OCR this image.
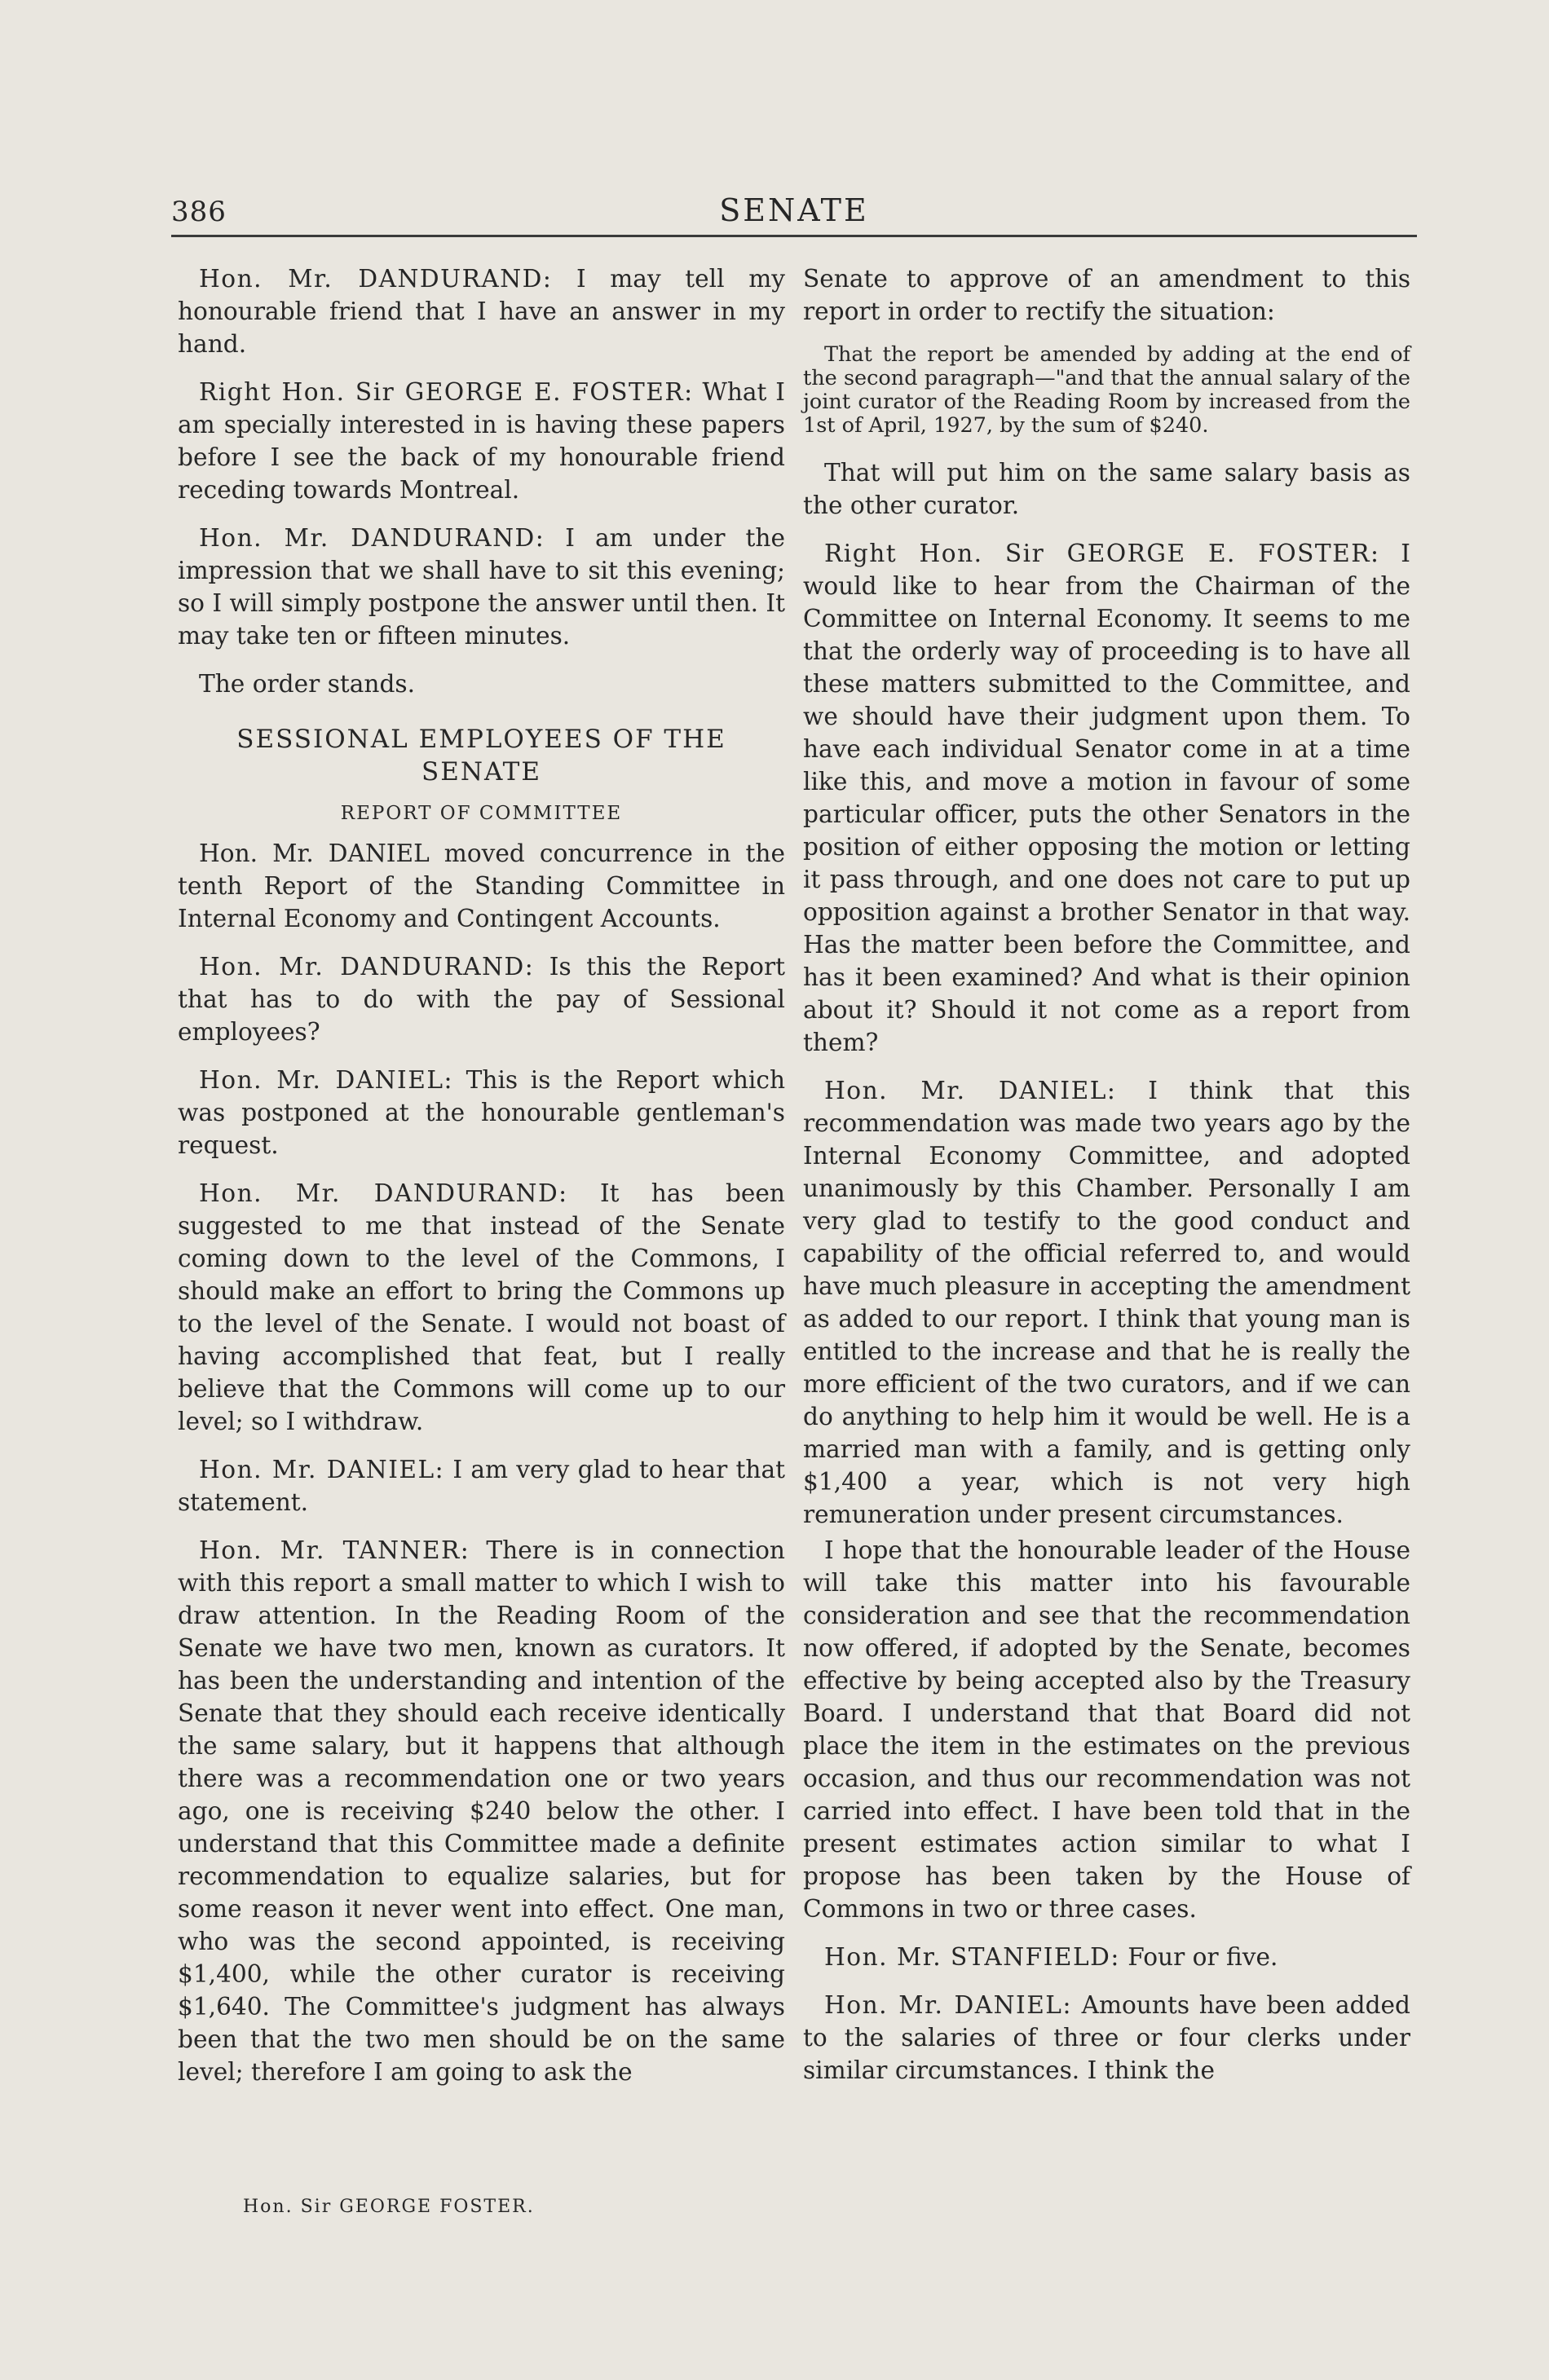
386	SENATE

Hon. Mr. DANDURAND: I may tell my honourable friend that I have an answer in my hand.

Right Hon. Sir GEORGE E. FOSTER: What I am specially interested in is having these papers before I see the back of my honourable friend receding towards Montreal.

Hon. Mr. DANDURAND: I am under the impression that we shall have to sit this evening; so I will simply postpone the answer until then. It may take ten or fifteen minutes.

The order stands.

SESSIONAL EMPLOYEES OF THE SENATE
REPORT OF COMMITTEE

Hon. Mr. DANIEL moved concurrence in the tenth Report of the Standing Committee in Internal Economy and Contingent Accounts.

Hon. Mr. DANDURAND: Is this the Report that has to do with the pay of Sessional employees?

Hon. Mr. DANIEL: This is the Report which was postponed at the honourable gentleman's request.

Hon. Mr. DANDURAND: It has been suggested to me that instead of the Senate coming down to the level of the Commons, I should make an effort to bring the Commons up to the level of the Senate. I would not boast of having accomplished that feat, but I really believe that the Commons will come up to our level; so I withdraw.

Hon. Mr. DANIEL: I am very glad to hear that statement.

Hon. Mr. TANNER: There is in connection with this report a small matter to which I wish to draw attention. In the Reading Room of the Senate we have two men, known as curators. It has been the understanding and intention of the Senate that they should each receive identically the same salary, but it happens that although there was a recommendation one or two years ago, one is receiving $240 below the other. I understand that this Committee made a definite recommendation to equalize salaries, but for some reason it never went into effect. One man, who was the second appointed, is receiving $1,400, while the other curator is receiving $1,640. The Committee's judgment has always been that the two men should be on the same level; therefore I am going to ask the

Hon. Sir GEORGE FOSTER.

Senate to approve of an amendment to this report in order to rectify the situation:

That the report be amended by adding at the end of the second paragraph—"and that the annual salary of the joint curator of the Reading Room by increased from the 1st of April, 1927, by the sum of $240.

That will put him on the same salary basis as the other curator.

Right Hon. Sir GEORGE E. FOSTER: I would like to hear from the Chairman of the Committee on Internal Economy. It seems to me that the orderly way of proceeding is to have all these matters submitted to the Committee, and we should have their judgment upon them. To have each individual Senator come in at a time like this, and move a motion in favour of some particular officer, puts the other Senators in the position of either opposing the motion or letting it pass through, and one does not care to put up opposition against a brother Senator in that way. Has the matter been before the Committee, and has it been examined? And what is their opinion about it? Should it not come as a report from them?

Hon. Mr. DANIEL: I think that this recommendation was made two years ago by the Internal Economy Committee, and adopted unanimously by this Chamber. Personally I am very glad to testify to the good conduct and capability of the official referred to, and would have much pleasure in accepting the amendment as added to our report. I think that young man is entitled to the increase and that he is really the more efficient of the two curators, and if we can do anything to help him it would be well. He is a married man with a family, and is getting only $1,400 a year, which is not very high remuneration under present circumstances.

I hope that the honourable leader of the House will take this matter into his favourable consideration and see that the recommendation now offered, if adopted by the Senate, becomes effective by being accepted also by the Treasury Board. I understand that that Board did not place the item in the estimates on the previous occasion, and thus our recommendation was not carried into effect. I have been told that in the present estimates action similar to what I propose has been taken by the House of Commons in two or three cases.

Hon. Mr. STANFIELD: Four or five.

Hon. Mr. DANIEL: Amounts have been added to the salaries of three or four clerks under similar circumstances. I think the
